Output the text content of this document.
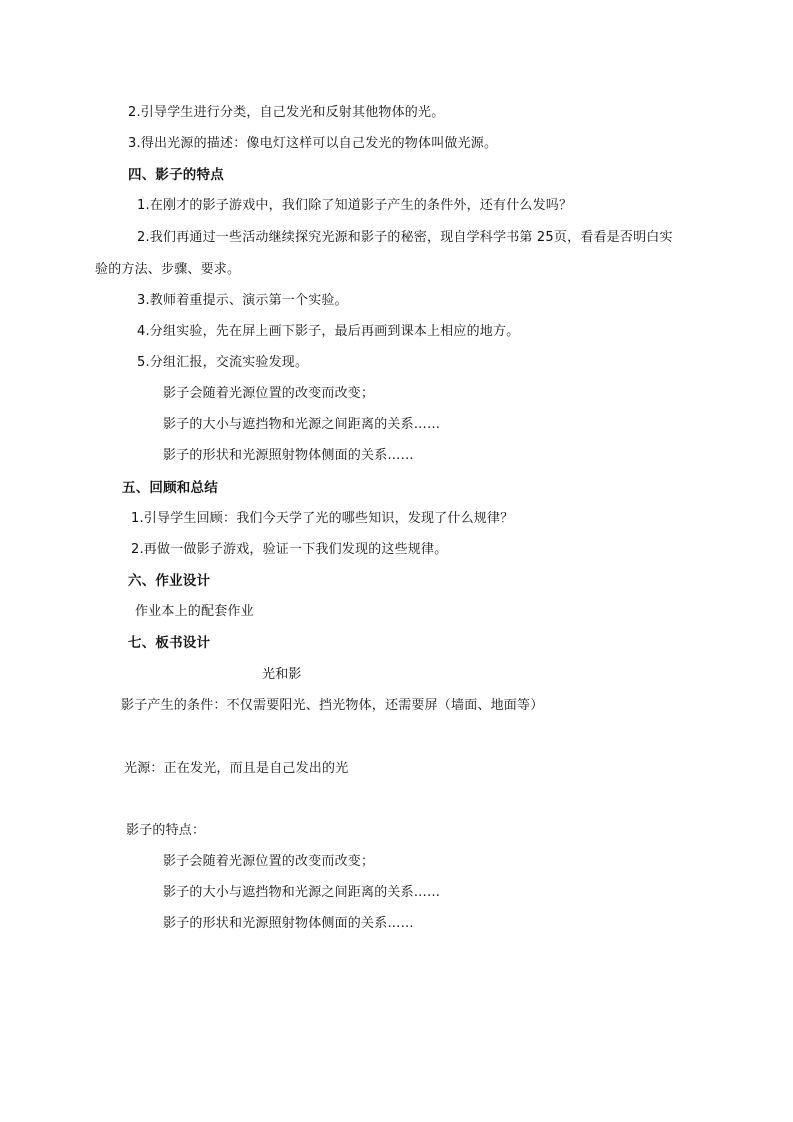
2.引导学生进行分类，自己发光和反射其他物体的光。
3.得出光源的描述：像电灯这样可以自己发光的物体叫做光源。
四、影子的特点
1.在刚才的影子游戏中，我们除了知道影子产生的条件外，还有什么发吗？
2.我们再通过一些活动继续探究光源和影子的秘密，现自学科学书第 25页，看看是否明白实
验的方法、步骤、要求。
3.教师着重提示、演示第一个实验。
4.分组实验，先在屏上画下影子，最后再画到课本上相应的地方。
5.分组汇报，交流实验发现。
影子会随着光源位置的改变而改变；
影子的大小与遮挡物和光源之间距离的关系……
影子的形状和光源照射物体侧面的关系……
五、回顾和总结
1.引导学生回顾：我们今天学了光的哪些知识，发现了什么规律？
2.再做一做影子游戏，验证一下我们发现的这些规律。
六、作业设计
作业本上的配套作业
七、板书设计
光和影
影子产生的条件：不仅需要阳光、挡光物体，还需要屏（墙面、地面等）
光源：正在发光，而且是自己发出的光
影子的特点：
影子会随着光源位置的改变而改变；
影子的大小与遮挡物和光源之间距离的关系……
影子的形状和光源照射物体侧面的关系……
